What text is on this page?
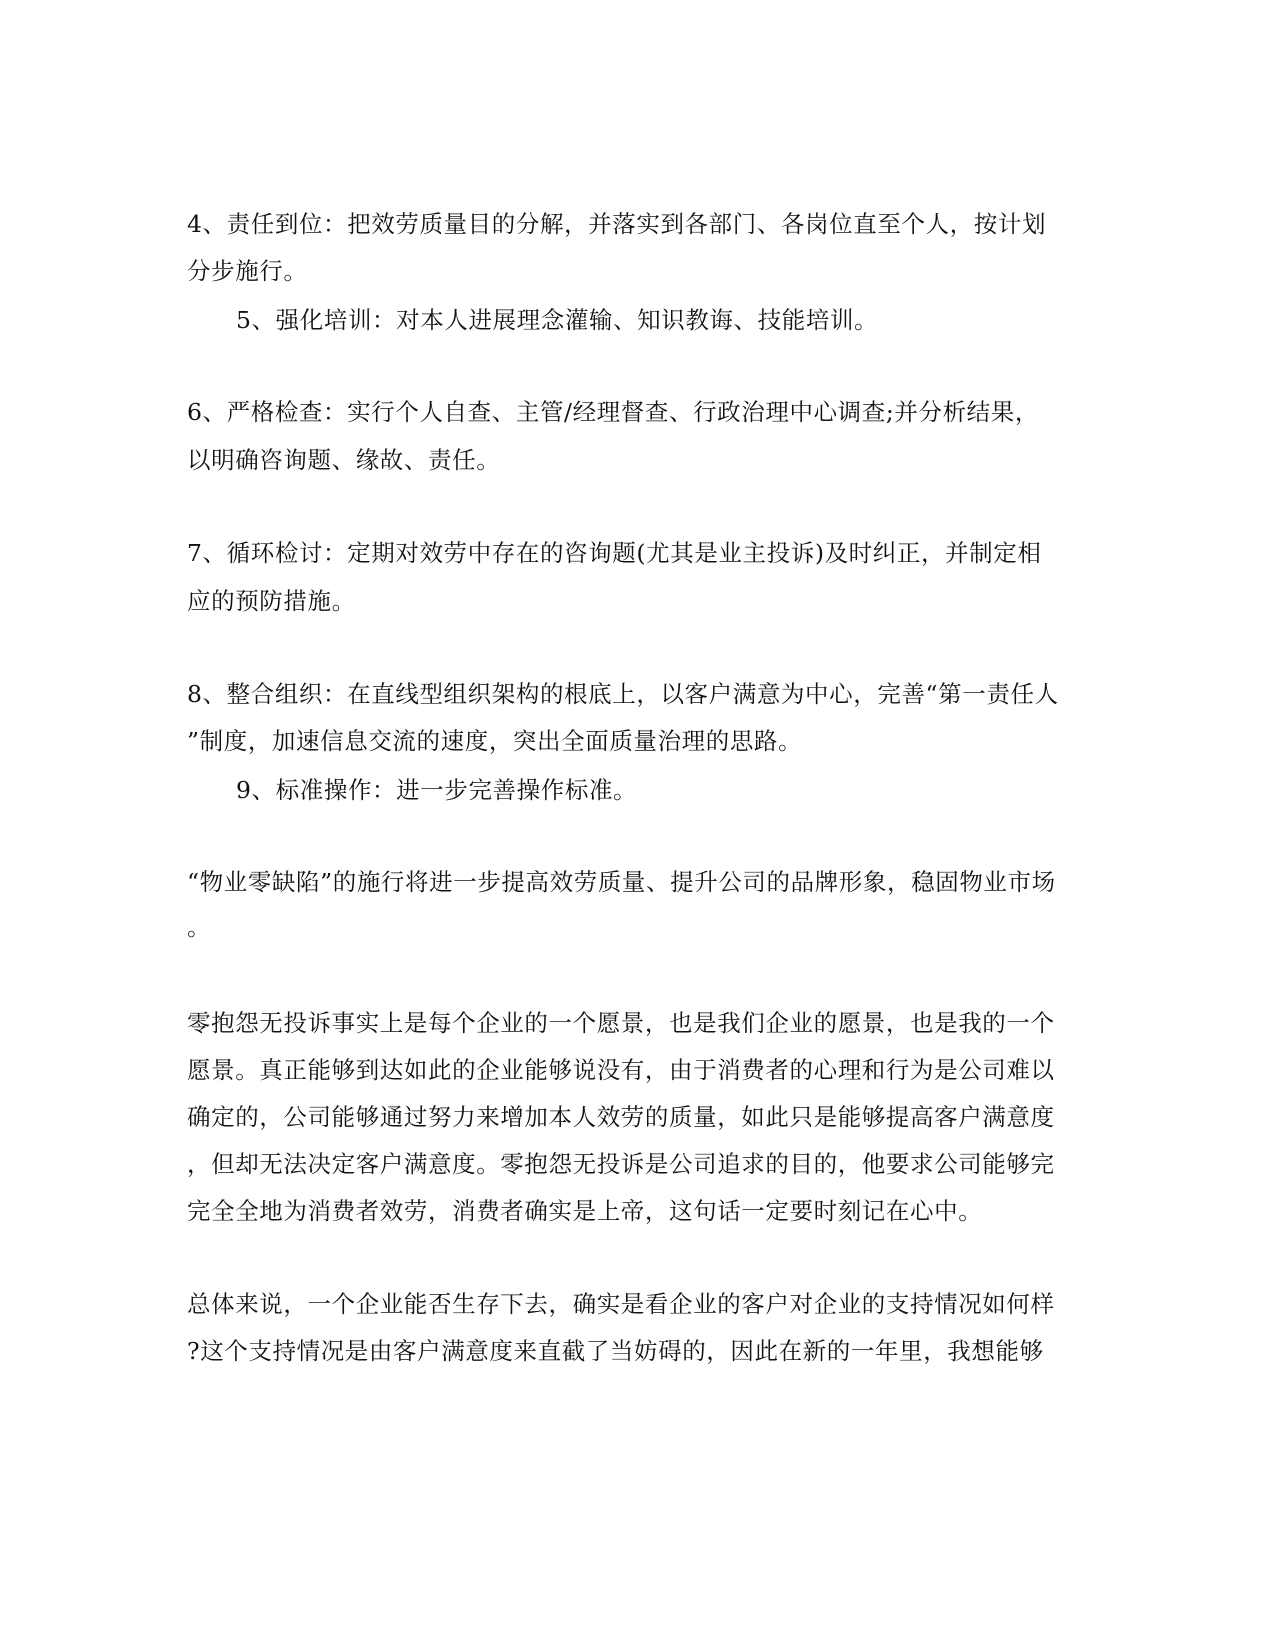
4、责任到位：把效劳质量目的分解，并落实到各部门、各岗位直至个人，按计划
分步施行。
5、强化培训：对本人进展理念灌输、知识教诲、技能培训。
6、严格检查：实行个人自查、主管/经理督查、行政治理中心调查;并分析结果，
以明确咨询题、缘故、责任。
7、循环检讨：定期对效劳中存在的咨询题(尤其是业主投诉)及时纠正，并制定相
应的预防措施。
8、整合组织：在直线型组织架构的根底上，以客户满意为中心，完善“第一责任人
”制度，加速信息交流的速度，突出全面质量治理的思路。
9、标准操作：进一步完善操作标准。
“物业零缺陷”的施行将进一步提高效劳质量、提升公司的品牌形象，稳固物业市场
。
零抱怨无投诉事实上是每个企业的一个愿景，也是我们企业的愿景，也是我的一个
愿景。真正能够到达如此的企业能够说没有，由于消费者的心理和行为是公司难以
确定的，公司能够通过努力来增加本人效劳的质量，如此只是能够提高客户满意度
，但却无法决定客户满意度。零抱怨无投诉是公司追求的目的，他要求公司能够完
完全全地为消费者效劳，消费者确实是上帝，这句话一定要时刻记在心中。
总体来说，一个企业能否生存下去，确实是看企业的客户对企业的支持情况如何样
?这个支持情况是由客户满意度来直截了当妨碍的，因此在新的一年里，我想能够
